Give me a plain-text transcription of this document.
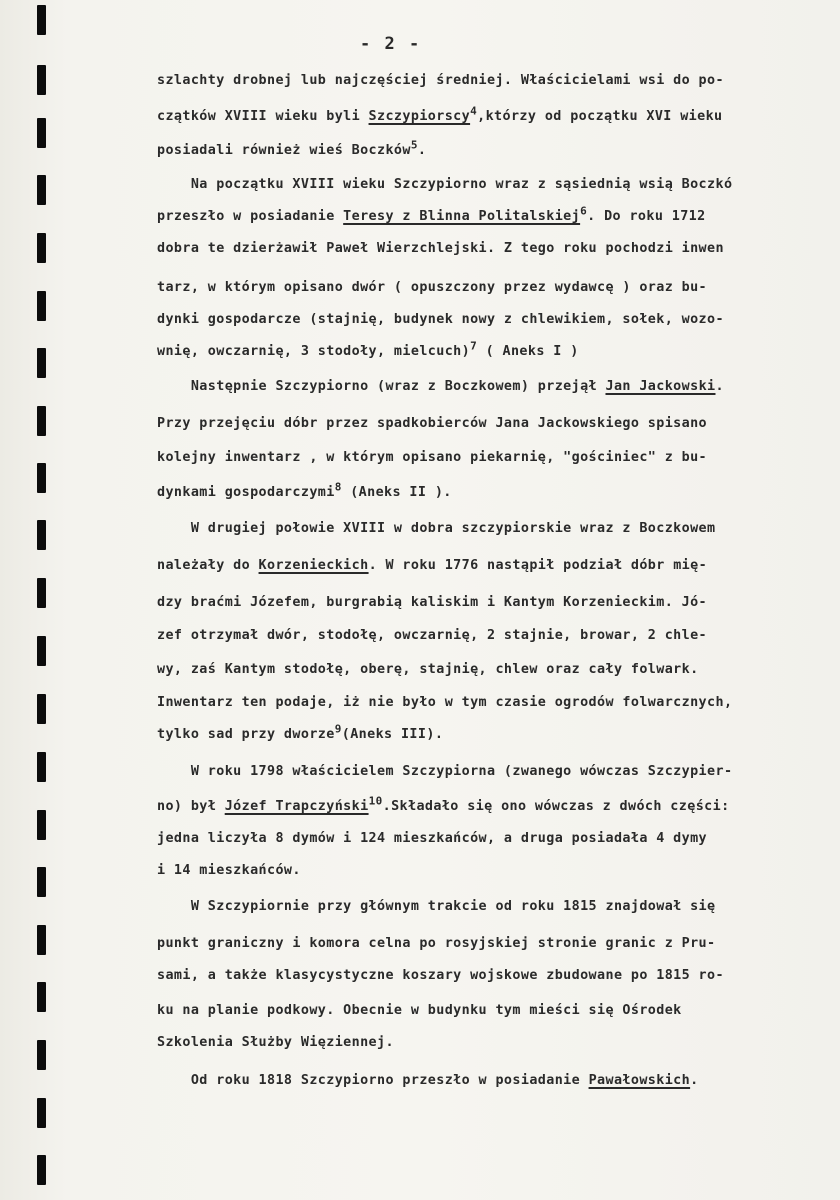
- 2 -
szlachty drobnej lub najczęściej średniej. Właścicielami wsi do po-
czątków XVIII wieku byli Szczypiorscy$^4$,którzy od początku XVI wieku
posiadali również wieś Boczków$^5$.
Na początku XVIII wieku Szczypiorno wraz z sąsiednią wsią Boczkó
przeszło w posiadanie Teresy z Blinna Politalskiej$^6$. Do roku 1712
dobra te dzierżawił Paweł Wierzchlejski. Z tego roku pochodzi inwen
tarz, w którym opisano dwór ( opuszczony przez wydawcę ) oraz bu-
dynki gospodarcze (stajnię, budynek nowy z chlewikiem, sołek, wozo-
wnię, owczarnię, 3 stodoły, mielcuch)$^7$ ( Aneks I )
Następnie Szczypiorno (wraz z Boczkowem) przejął Jan Jackowski.
Przy przejęciu dóbr przez spadkobierców Jana Jackowskiego spisano
kolejny inwentarz , w którym opisano piekarnię, "gościniec" z bu-
dynkami gospodarczymi$^8$ (Aneks II ).
W drugiej połowie XVIII w dobra szczypiorskie wraz z Boczkowem
należały do Korzenieckich. W roku 1776 nastąpił podział dóbr mię-
dzy braćmi Józefem, burgrabią kaliskim i Kantym Korzenieckim. Jó-
zef otrzymał dwór, stodołę, owczarnię, 2 stajnie, browar, 2 chle-
wy, zaś Kantym stodołę, oberę, stajnię, chlew oraz cały folwark.
Inwentarz ten podaje, iż nie było w tym czasie ogrodów folwarcznych,
tylko sad przy dworze$^9$(Aneks III).
W roku 1798 właścicielem Szczypiorna (zwanego wówczas Szczypier-
no) był Józef Trapczyński$^{10}$.Składało się ono wówczas z dwóch części:
jedna liczyła 8 dymów i 124 mieszkańców, a druga posiadała 4 dymy
i 14 mieszkańców.
W Szczypiornie przy głównym trakcie od roku 1815 znajdował się
punkt graniczny i komora celna po rosyjskiej stronie granic z Pru-
sami, a także klasycystyczne koszary wojskowe zbudowane po 1815 ro-
ku na planie podkowy. Obecnie w budynku tym mieści się Ośrodek
Szkolenia Służby Więziennej.
Od roku 1818 Szczypiorno przeszło w posiadanie Pawałowskich.
